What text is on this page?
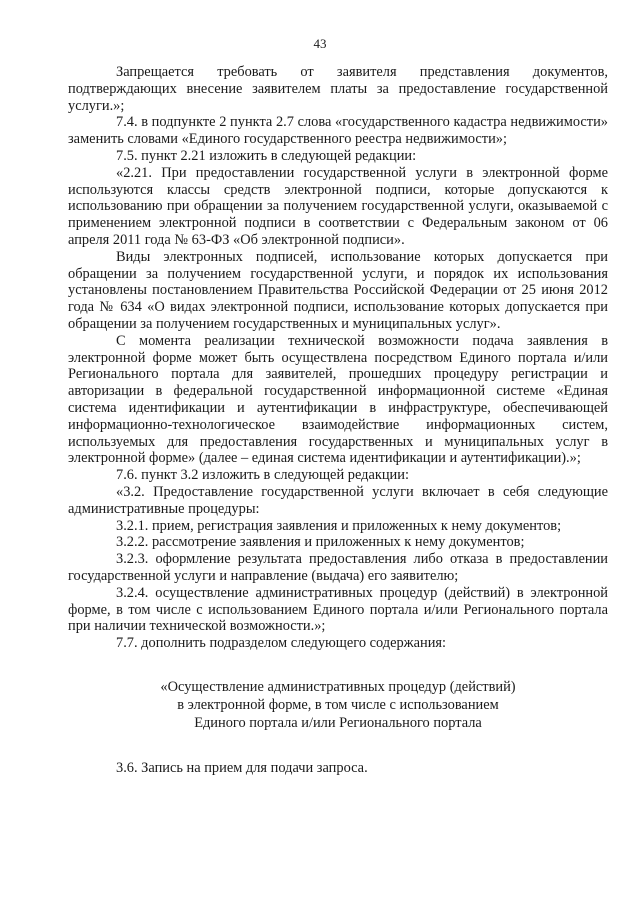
43

Запрещается требовать от заявителя представления документов, подтверждающих внесение заявителем платы за предоставление государственной услуги.»;

7.4. в подпункте 2 пункта 2.7 слова «государственного кадастра недвижимости» заменить словами «Единого государственного реестра недвижимости»;

7.5. пункт 2.21 изложить в следующей редакции:

«2.21. При предоставлении государственной услуги в электронной форме используются классы средств электронной подписи, которые допускаются к использованию при обращении за получением государственной услуги, оказываемой с применением электронной подписи в соответствии с Федеральным законом от 06 апреля 2011 года № 63-ФЗ «Об электронной подписи».

Виды электронных подписей, использование которых допускается при обращении за получением государственной услуги, и порядок их использования установлены постановлением Правительства Российской Федерации от 25 июня 2012 года № 634 «О видах электронной подписи, использование которых допускается при обращении за получением государственных и муниципальных услуг».

С момента реализации технической возможности подача заявления в электронной форме может быть осуществлена посредством Единого портала и/или Регионального портала для заявителей, прошедших процедуру регистрации и авторизации в федеральной государственной информационной системе «Единая система идентификации и аутентификации в инфраструктуре, обеспечивающей информационно-технологическое взаимодействие информационных систем, используемых для предоставления государственных и муниципальных услуг в электронной форме» (далее – единая система идентификации и аутентификации).»;

7.6. пункт 3.2 изложить в следующей редакции:

«3.2. Предоставление государственной услуги включает в себя следующие административные процедуры:

3.2.1. прием, регистрация заявления и приложенных к нему документов;

3.2.2. рассмотрение заявления и приложенных к нему документов;

3.2.3. оформление результата предоставления либо отказа в предоставлении государственной услуги и направление (выдача) его заявителю;

3.2.4. осуществление административных процедур (действий) в электронной форме, в том числе с использованием Единого портала и/или Регионального портала при наличии технической возможности.»;

7.7. дополнить подразделом следующего содержания:

«Осуществление административных процедур (действий)
в электронной форме, в том числе с использованием
Единого портала и/или Регионального портала

3.6. Запись на прием для подачи запроса.
